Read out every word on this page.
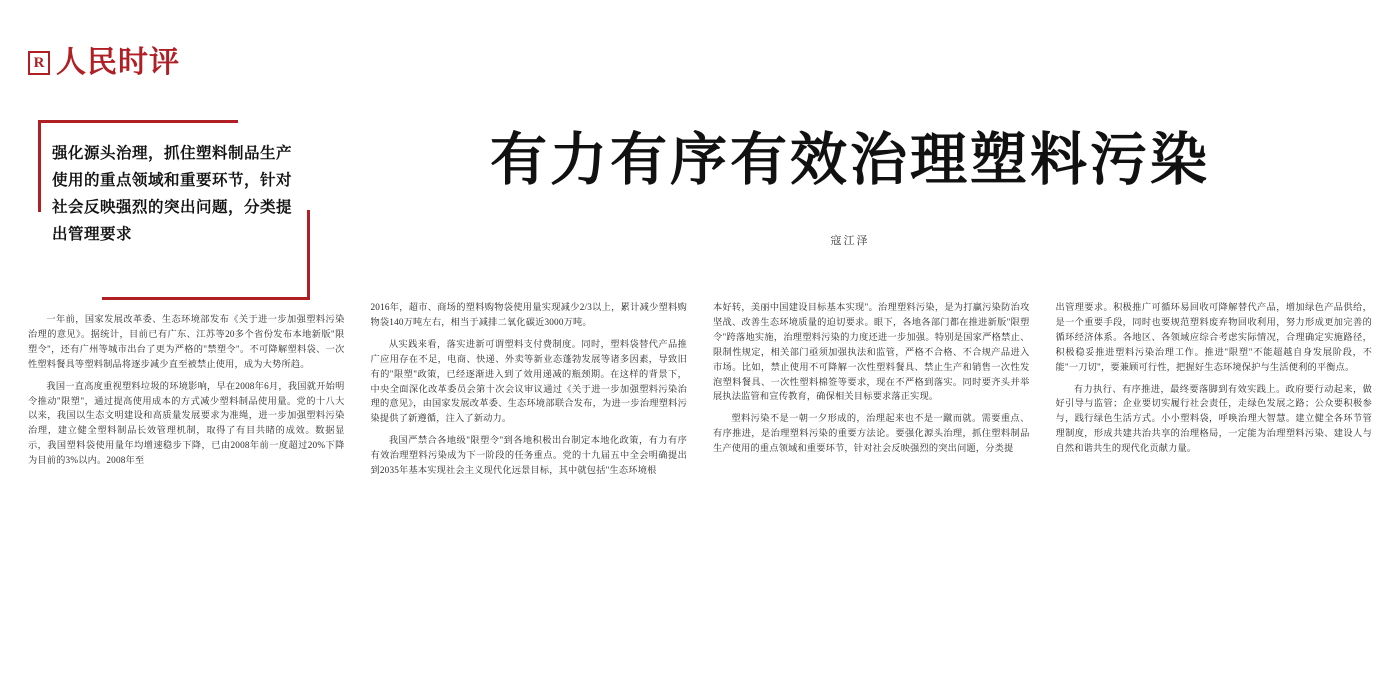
R 人民时评
有力有序有效治理塑料污染
寇江泽
强化源头治理，抓住塑料制品生产使用的重点领域和重要环节，针对社会反映强烈的突出问题，分类提出管理要求

一年前，国家发展改革委、生态环境部发布《关于进一步加强塑料污染治理的意见》。据统计，目前已有广东、江苏等20多个省份发布本地新版"限塑令"，还有广州等城市出台了更为严格的"禁塑令"。不可降解塑料袋、一次性塑料餐具等塑料制品将逐步减少直至被禁止使用，成为大势所趋。

我国一直高度重视塑料垃圾的环境影响，早在2008年6月，我国就开始明令推动"限塑"，通过提高使用成本的方式减少塑料制品使用量。党的十八大以来，我国以生态文明建设和高质量发展要求为准绳，进一步加强塑料污染治理，建立健全塑料制品长效管理机制，取得了有目共睹的成效。数据显示，我国塑料袋使用量年均增速稳步下降，已由2008年前一度超过20%下降为目前的3%以内。2008年至

2016年，超市、商场的塑料购物袋使用量实现减少2/3以上，累计减少塑料购物袋140万吨左右，相当于减排二氧化碳近3000万吨。

从实践来看，落实进新可谓塑料支付费制度。同时，塑料袋替代产品推广应用存在不足，电商、快递、外卖等新业态蓬勃发展等诸多因素，导致旧有的"限塑"政策，已经逐渐进入到了效用递减的瓶颈期。在这样的背景下，中央全面深化改革委员会第十次会议审议通过《关于进一步加强塑料污染治理的意见》，由国家发展改革委、生态环境部联合发布，为进一步治理塑料污染提供了新遵循，注入了新动力。

我国严禁合各地级"限塑令"到各地积极出台制定本地化政策，有力有序有效治理塑料污染成为下一阶段的任务重点。党的十九届五中全会明确提出到2035年基本实现社会主义现代化远景目标，其中就包括"生态环境根

本好转，美丽中国建设目标基本实现"。治理塑料污染，是为打赢污染防治攻坚战、改善生态环境质量的迫切要求。眼下，各地各部门都在推进新版"限塑令"跨落地实施，治理塑料污染的力度还进一步加强。特别是国家严格禁止、限制性规定，相关部门亟须加强执法和监管，严格不合格、不合规产品进入市场。比如，禁止使用不可降解一次性塑料餐具、禁止生产和销售一次性发泡塑料餐具、一次性塑料棉签等要求，现在不严格到落实。同时要齐头并举展执法监管和宣传教育，确保相关目标要求落正实现。

塑料污染不是一朝一夕形成的，治理起来也不是一蹴而就。需要重点、有序推进，是治理塑料污染的重要方法论。要强化源头治理，抓住塑料制品生产使用的重点领域和重要环节，针对社会反映强烈的突出问题，分类提

出管理要求。积极推广可循环易回收可降解替代产品，增加绿色产品供给，是一个重要手段，同时也要规范塑料废弃物回收利用，努力形成更加完善的循环经济体系。各地区、各领域应综合考虑实际情况，合理确定实施路径，积极稳妥推进塑料污染治理工作。推进"限塑"不能超越自身发展阶段，不能"一刀切"，要兼顾可行性，把握好生态环境保护与生活便利的平衡点。

有力执行、有序推进，最终要落脚到有效实践上。政府要行动起来，做好引导与监管；企业要切实履行社会责任，走绿色发展之路；公众要积极参与，践行绿色生活方式。小小塑料袋，呼唤治理大智慧。建立健全各环节管理制度，形成共建共治共享的治理格局，一定能为治理塑料污染、建设人与自然和谐共生的现代化贡献力量。
